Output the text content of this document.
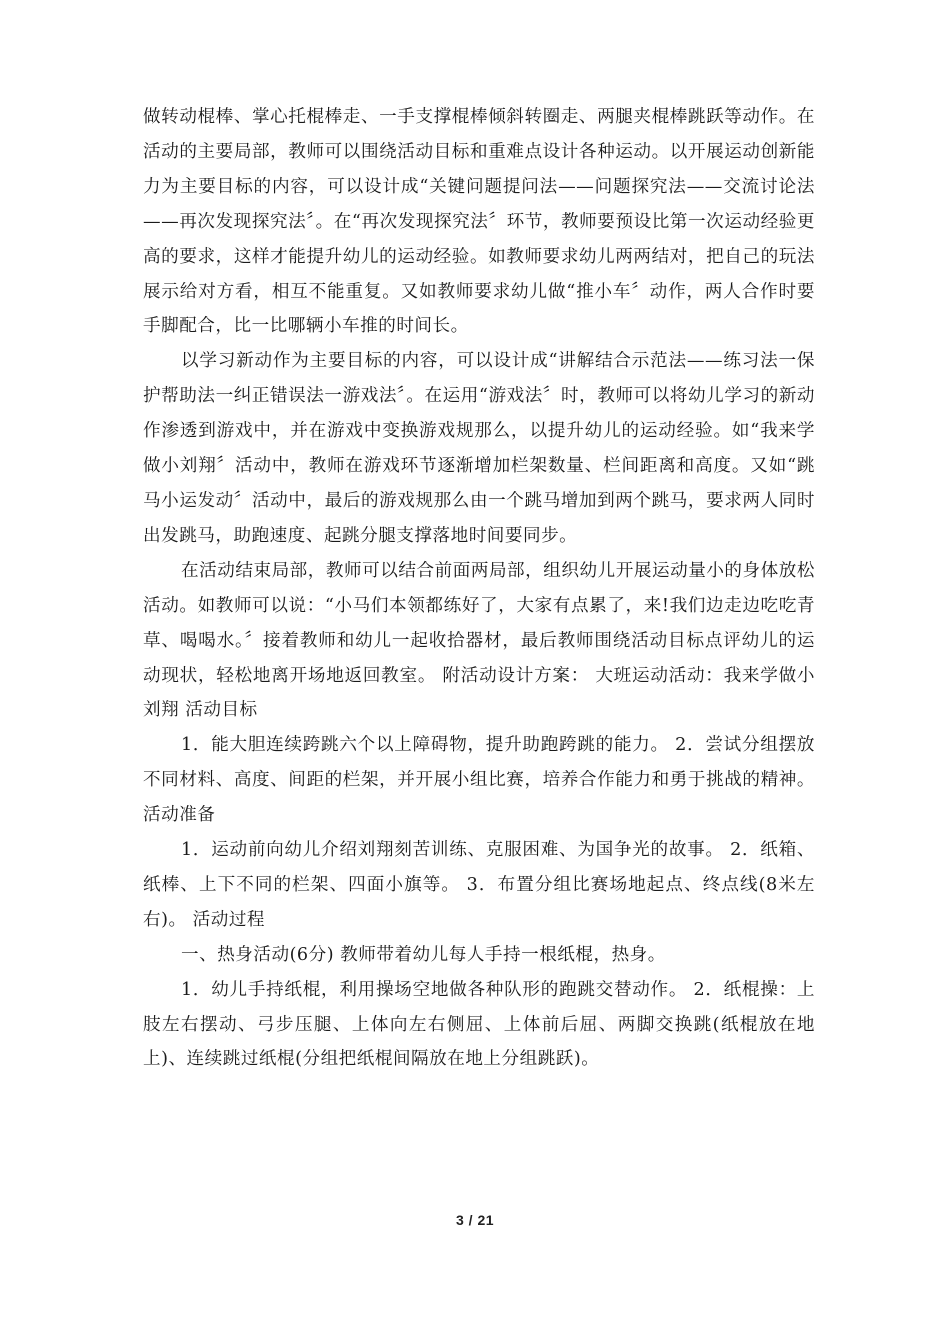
做转动棍棒、掌心托棍棒走、一手支撑棍棒倾斜转圈走、两腿夹棍棒跳跃等动作。在活动的主要局部，教师可以围绕活动目标和重难点设计各种运动。以开展运动创新能力为主要目标的内容，可以设计成“关键问题提问法——问题探究法——交流讨论法——再次发现探究法〞。在“再次发现探究法〞环节，教师要预设比第一次运动经验更高的要求，这样才能提升幼儿的运动经验。如教师要求幼儿两两结对，把自己的玩法展示给对方看，相互不能重复。又如教师要求幼儿做“推小车〞动作，两人合作时要手脚配合，比一比哪辆小车推的时间长。

以学习新动作为主要目标的内容，可以设计成“讲解结合示范法——练习法一保护帮助法一纠正错误法一游戏法〞。在运用“游戏法〞时，教师可以将幼儿学习的新动作渗透到游戏中，并在游戏中变换游戏规那么，以提升幼儿的运动经验。如“我来学做小刘翔〞活动中，教师在游戏环节逐渐增加栏架数量、栏间距离和高度。又如“跳马小运发动〞活动中，最后的游戏规那么由一个跳马增加到两个跳马，要求两人同时出发跳马，助跑速度、起跳分腿支撑落地时间要同步。

在活动结束局部，教师可以结合前面两局部，组织幼儿开展运动量小的身体放松活动。如教师可以说：“小马们本领都练好了，大家有点累了，来!我们边走边吃吃青草、喝喝水。〞接着教师和幼儿一起收拾器材，最后教师围绕活动目标点评幼儿的运动现状，轻松地离开场地返回教室。 附活动设计方案： 大班运动活动：我来学做小刘翔 活动目标

1．能大胆连续跨跳六个以上障碍物，提升助跑跨跳的能力。 2．尝试分组摆放不同材料、高度、间距的栏架，并开展小组比赛，培养合作能力和勇于挑战的精神。 活动准备

1．运动前向幼儿介绍刘翔刻苦训练、克服困难、为国争光的故事。 2．纸箱、纸棒、上下不同的栏架、四面小旗等。 3．布置分组比赛场地起点、终点线(8米左右)。 活动过程

一、热身活动(6分) 教师带着幼儿每人手持一根纸棍，热身。

1．幼儿手持纸棍，利用操场空地做各种队形的跑跳交替动作。 2．纸棍操：上肢左右摆动、弓步压腿、上体向左右侧屈、上体前后屈、两脚交换跳(纸棍放在地上)、连续跳过纸棍(分组把纸棍间隔放在地上分组跳跃)。

3 / 21
